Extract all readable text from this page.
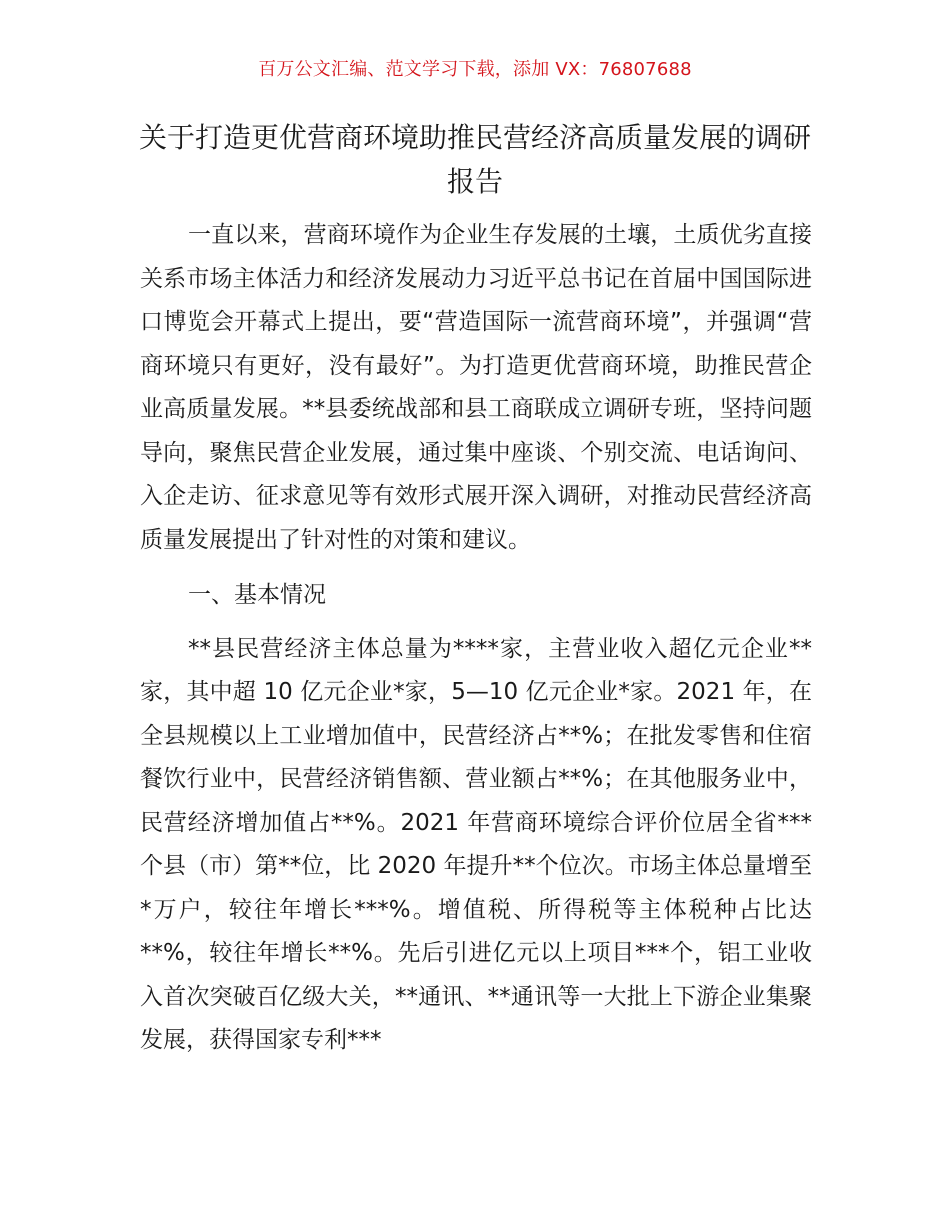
百万公文汇编、范文学习下载，添加 VX：76807688
关于打造更优营商环境助推民营经济高质量发展的调研报告

一直以来，营商环境作为企业生存发展的土壤，土质优劣直接关系市场主体活力和经济发展动力习近平总书记在首届中国国际进口博览会开幕式上提出，要“营造国际一流营商环境”，并强调“营商环境只有更好，没有最好”。为打造更优营商环境，助推民营企业高质量发展。**县委统战部和县工商联成立调研专班，坚持问题导向，聚焦民营企业发展，通过集中座谈、个别交流、电话询问、入企走访、征求意见等有效形式展开深入调研，对推动民营经济高质量发展提出了针对性的对策和建议。

一、基本情况

**县民营经济主体总量为****家，主营业收入超亿元企业**家，其中超 10 亿元企业*家，5—10 亿元企业*家。2021 年，在全县规模以上工业增加值中，民营经济占**%；在批发零售和住宿餐饮行业中，民营经济销售额、营业额占**%；在其他服务业中，民营经济增加值占**%。2021 年营商环境综合评价位居全省***个县（市）第**位，比 2020 年提升**个位次。市场主体总量增至*万户，较往年增长***%。增值税、所得税等主体税种占比达**%，较往年增长**%。先后引进亿元以上项目***个，铝工业收入首次突破百亿级大关，**通讯、**通讯等一大批上下游企业集聚发展，获得国家专利***
